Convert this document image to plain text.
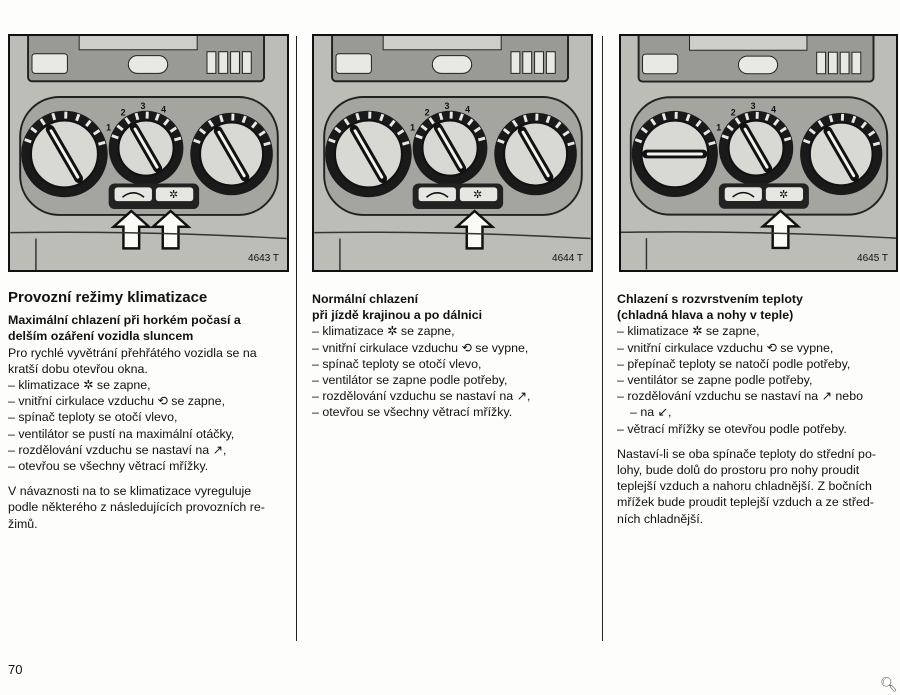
1
2
3 4
✲
4643 T
1
2
3 4
✲
4644 T
1
2
3 4
✲
4645 T
Provozní režimy klimatizace

Maximální chlazení při horkém počasí a

delším ozáření vozidla sluncem

Pro rychlé vyvětrání přehřátého vozidla se na

kratší dobu otevřou okna.

– klimatizace ✲ se zapne,
– vnitřní cirkulace vzduchu ⟲ se zapne,
– spínač teploty se otočí vlevo,
– ventilátor se pustí na maximální otáčky,
– rozdělování vzduchu se nastaví na ↗,
– otevřou se všechny větrací mřížky.

V návaznosti na to se klimatizace vyreguluje

podle některého z následujících provozních re-

žimů.

Normální chlazení

při jízdě krajinou a po dálnici

– klimatizace ✲ se zapne,
– vnitřní cirkulace vzduchu ⟲ se vypne,
– spínač teploty se otočí vlevo,
– ventilátor se zapne podle potřeby,
– rozdělování vzduchu se nastaví na ↗,
– otevřou se všechny větrací mřížky.

Chlazení s rozvrstvením teploty

(chladná hlava a nohy v teple)

– klimatizace ✲ se zapne,
– vnitřní cirkulace vzduchu ⟲ se vypne,
– přepínač teploty se natočí podle potřeby,
– ventilátor se zapne podle potřeby,
– rozdělování vzduchu se nastaví na ↗ nebo
– na ↙,
– větrací mřížky se otevřou podle potřeby.

Nastaví-li se oba spínače teploty do střední po-

lohy, bude dolů do prostoru pro nohy proudit

teplejší vzduch a nahoru chladnější. Z bočních

mřížek bude proudit teplejší vzduch a ze střed-

ních chladnější.

70
🔍︎
